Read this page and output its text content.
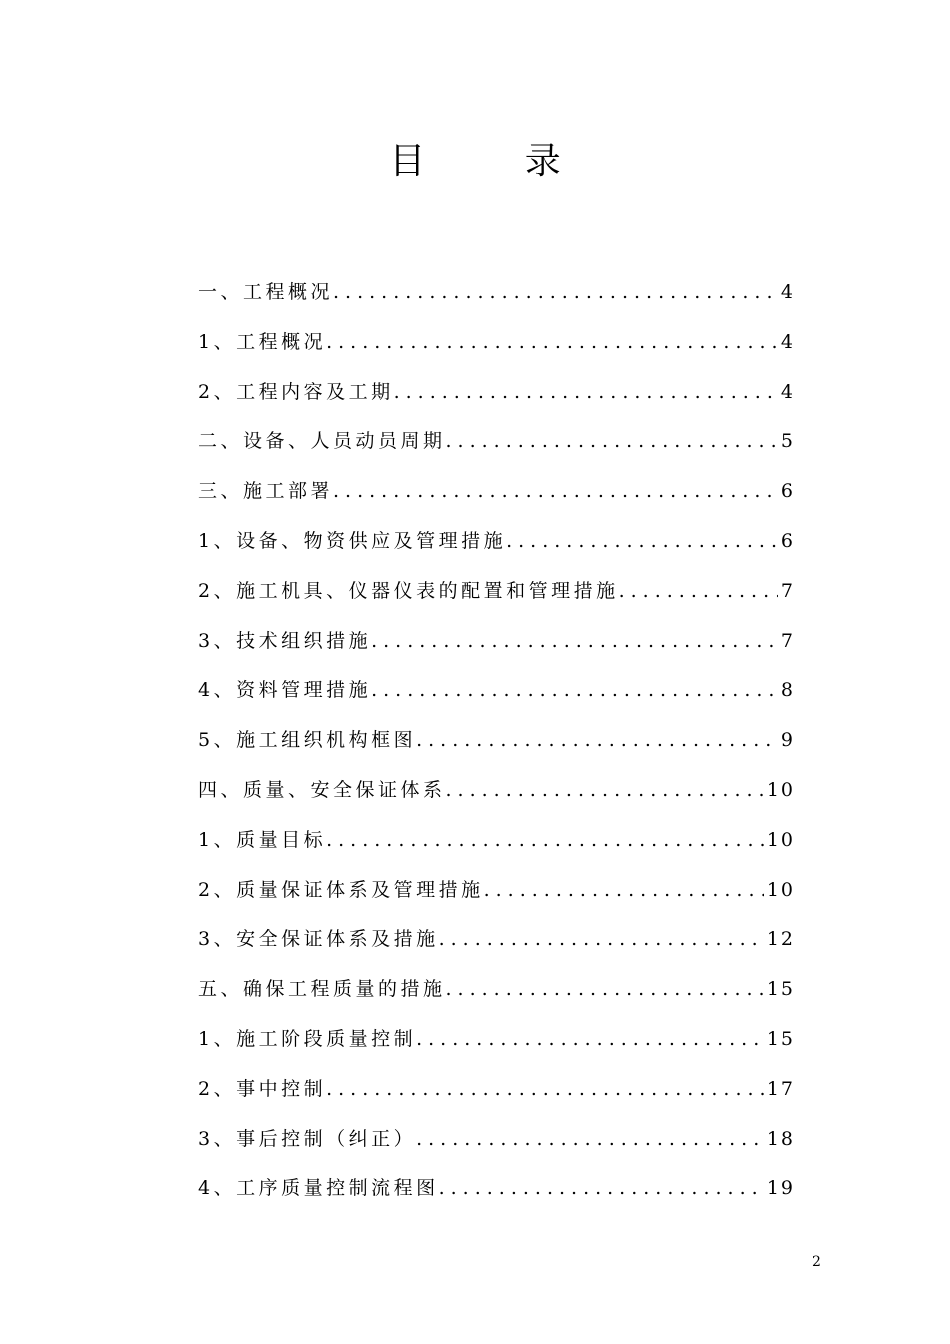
目 录
一、工程概况 .....	4
1、工程概况 .....	4
2、工程内容及工期 .....	4
二、设备、人员动员周期 .....	5
三、施工部署 .....	6
1、设备、物资供应及管理措施 .....	6
2、施工机具、仪器仪表的配置和管理措施 .....	7
3、技术组织措施 .....	7
4、资料管理措施 .....	8
5、施工组织机构框图 .....	9
四、质量、安全保证体系 .....	10
1、质量目标 .....	10
2、质量保证体系及管理措施 .....	10
3、安全保证体系及措施 .....	12
五、确保工程质量的措施 .....	15
1、施工阶段质量控制 .....	15
2、事中控制 .....	17
3、事后控制（纠正） .....	18
4、工序质量控制流程图 .....	19
2
